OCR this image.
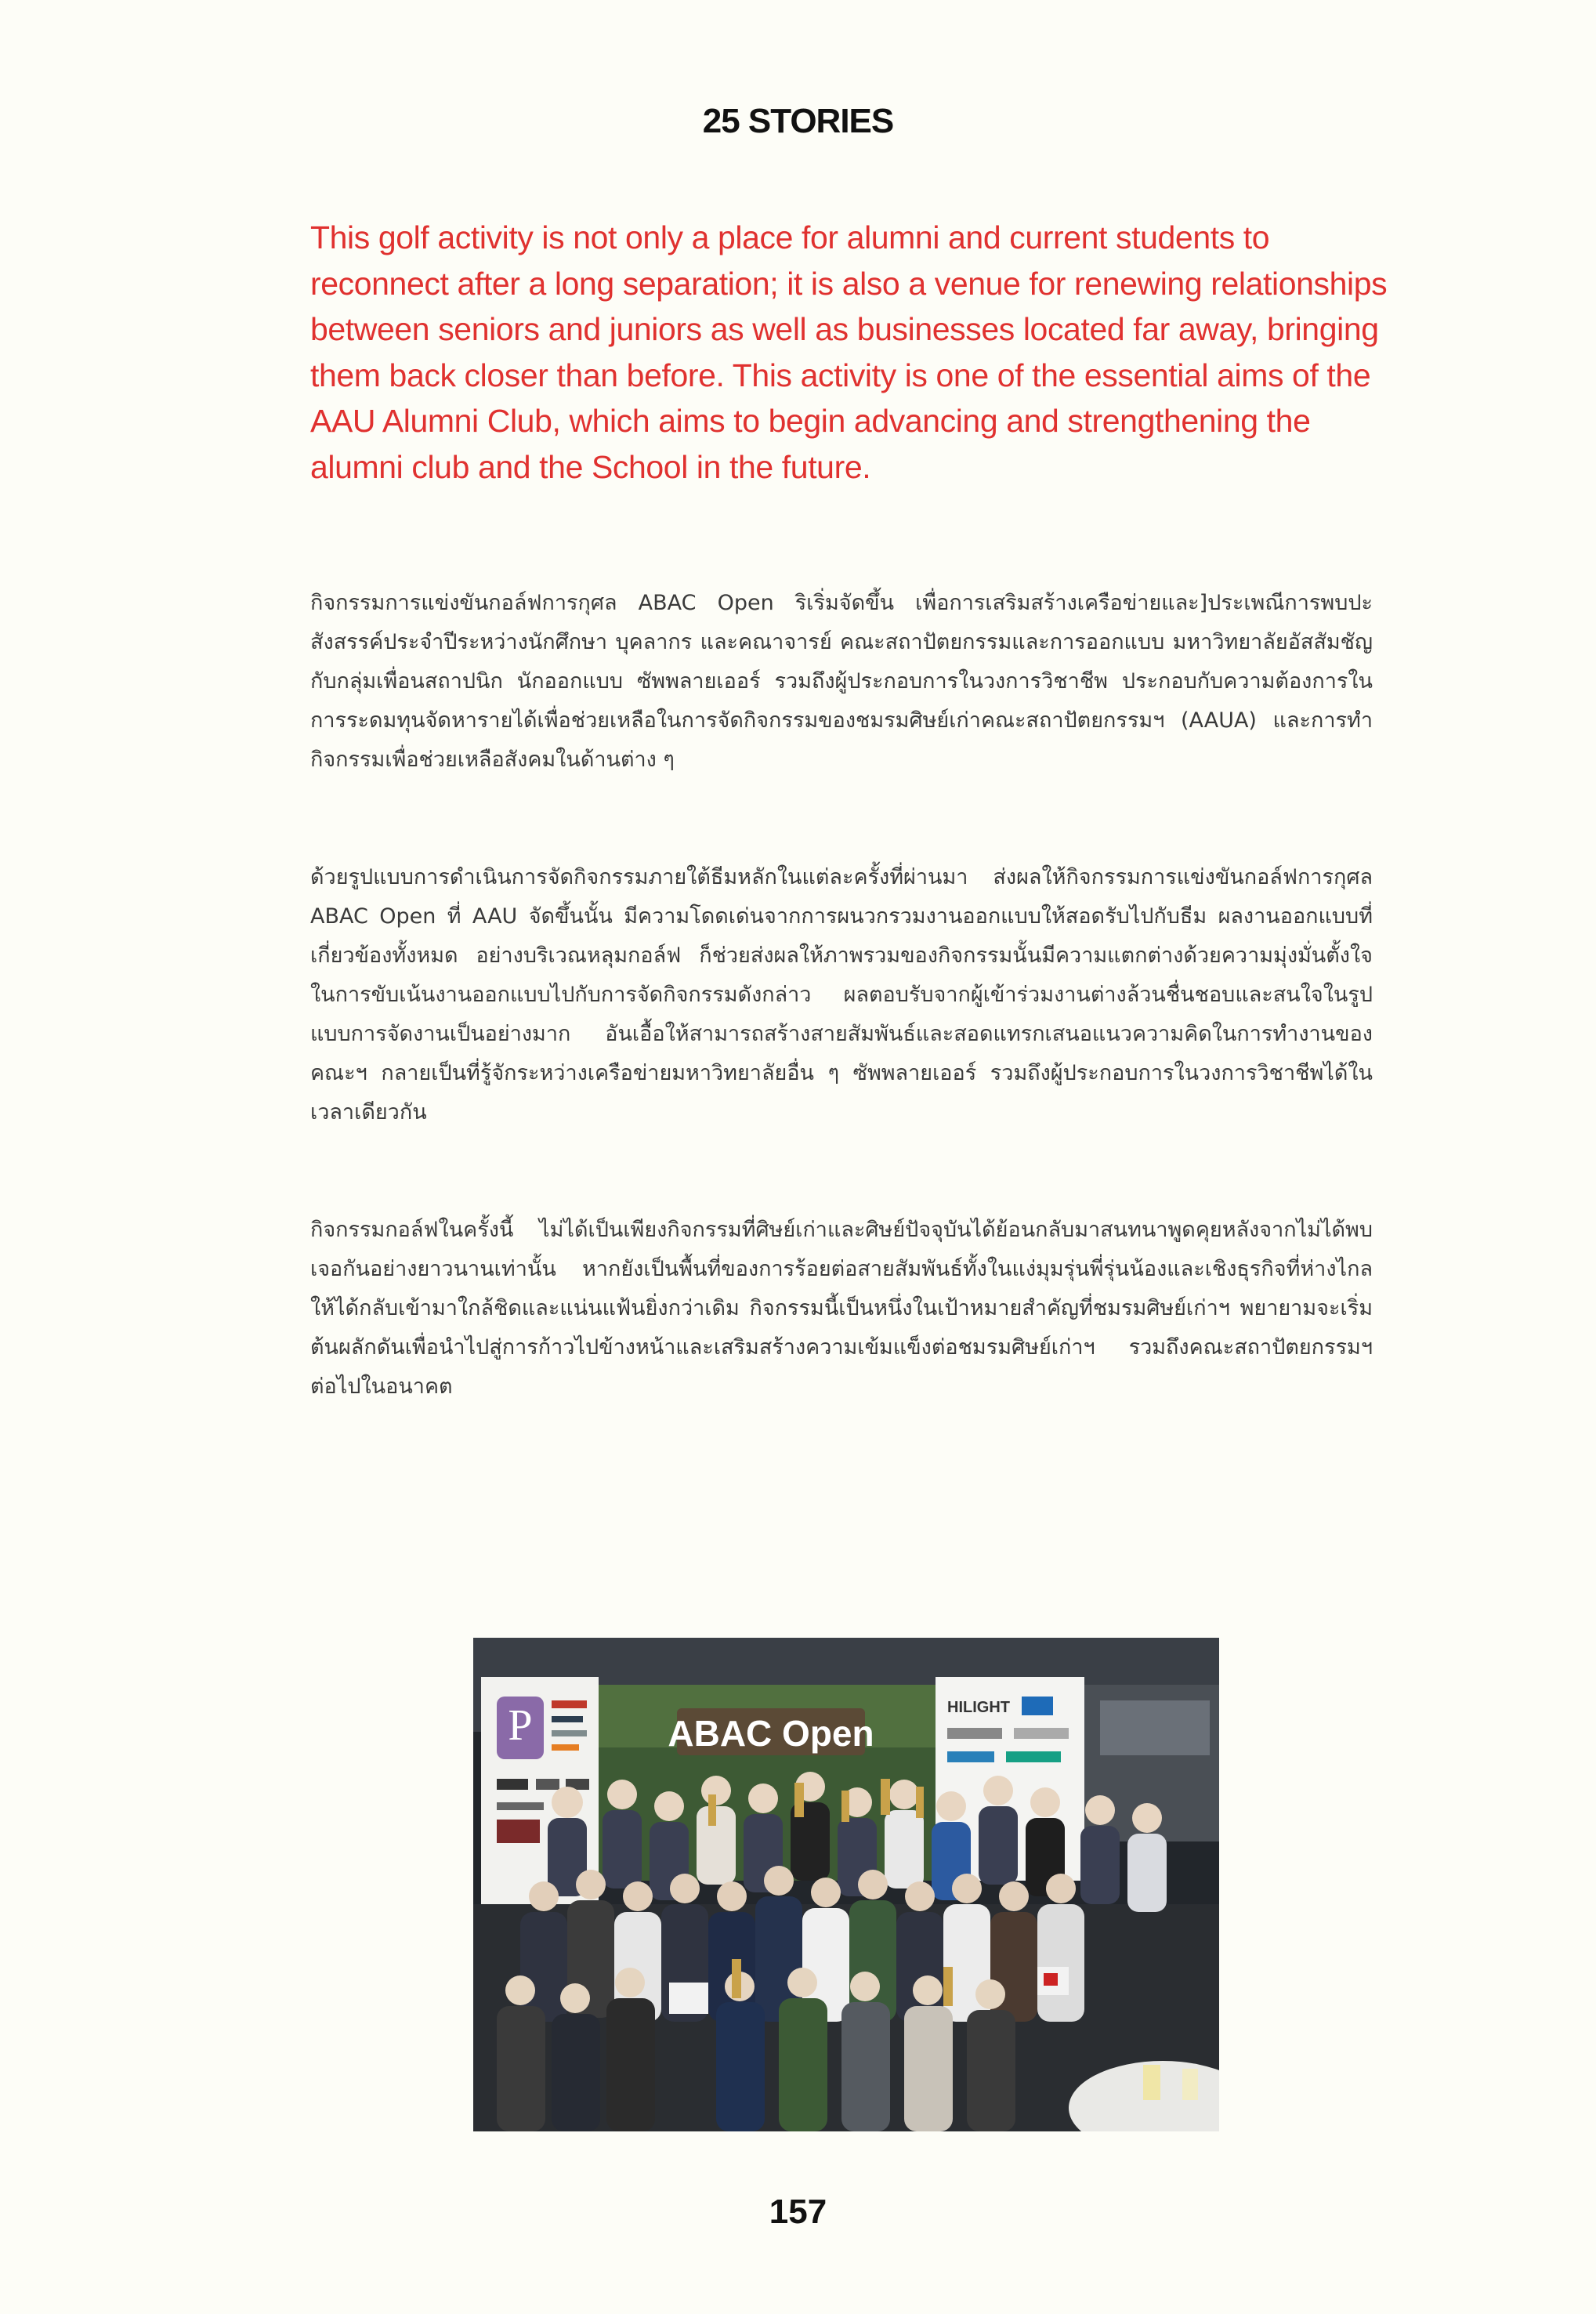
25 STORIES

This golf activity is not only a place for alumni and current students to reconnect after a long separation; it is also a venue for renewing relationships between seniors and juniors as well as businesses located far away, bringing them back closer than before. This activity is one of the essential aims of the AAU Alumni Club, which aims to begin advancing and strengthening the alumni club and the School in the future.

กิจกรรมการแข่งขันกอล์ฟการกุศล ABAC Open ริเริ่มจัดขึ้น เพื่อการเสริมสร้างเครือข่ายและ]ประเพณีการพบปะสังสรรค์ประจำปีระหว่างนักศึกษา บุคลากร และคณาจารย์ คณะสถาปัตยกรรมและการออกแบบ มหาวิทยาลัยอัสสัมชัญ กับกลุ่มเพื่อนสถาปนิก นักออกแบบ ซัพพลายเออร์ รวมถึงผู้ประกอบการในวงการวิชาชีพ ประกอบกับความต้องการในการระดมทุนจัดหารายได้เพื่อช่วยเหลือในการจัดกิจกรรมของชมรมศิษย์เก่าคณะสถาปัตยกรรมฯ (AAUA) และการทำกิจกรรมเพื่อช่วยเหลือสังคมในด้านต่าง ๆ

ด้วยรูปแบบการดำเนินการจัดกิจกรรมภายใต้ธีมหลักในแต่ละครั้งที่ผ่านมา ส่งผลให้กิจกรรมการแข่งขันกอล์ฟการกุศล ABAC Open ที่ AAU จัดขึ้นนั้น มีความโดดเด่นจากการผนวกรวมงานออกแบบให้สอดรับไปกับธีม ผลงานออกแบบที่เกี่ยวข้องทั้งหมด อย่างบริเวณหลุมกอล์ฟ ก็ช่วยส่งผลให้ภาพรวมของกิจกรรมนั้นมีความแตกต่างด้วยความมุ่งมั่นตั้งใจในการขับเน้นงานออกแบบไปกับการจัดกิจกรรมดังกล่าว ผลตอบรับจากผู้เข้าร่วมงานต่างล้วนชื่นชอบและสนใจในรูปแบบการจัดงานเป็นอย่างมาก อันเอื้อให้สามารถสร้างสายสัมพันธ์และสอดแทรกเสนอแนวความคิดในการทำงานของคณะฯ กลายเป็นที่รู้จักระหว่างเครือข่ายมหาวิทยาลัยอื่น ๆ ซัพพลายเออร์ รวมถึงผู้ประกอบการในวงการวิชาชีพได้ในเวลาเดียวกัน

กิจกรรมกอล์ฟในครั้งนี้ ไม่ได้เป็นเพียงกิจกรรมที่ศิษย์เก่าและศิษย์ปัจจุบันได้ย้อนกลับมาสนทนาพูดคุยหลังจากไม่ได้พบเจอกันอย่างยาวนานเท่านั้น หากยังเป็นพื้นที่ของการร้อยต่อสายสัมพันธ์ทั้งในแง่มุมรุ่นพี่รุ่นน้องและเชิงธุรกิจที่ห่างไกลให้ได้กลับเข้ามาใกล้ชิดและแน่นแฟ้นยิ่งกว่าเดิม กิจกรรมนี้เป็นหนึ่งในเป้าหมายสำคัญที่ชมรมศิษย์เก่าฯ พยายามจะเริ่มต้นผลักดันเพื่อนำไปสู่การก้าวไปข้างหน้าและเสริมสร้างความเข้มแข็งต่อชมรมศิษย์เก่าฯ รวมถึงคณะสถาปัตยกรรมฯ ต่อไปในอนาคต

P	ABAC Open
HILIGHT
157
